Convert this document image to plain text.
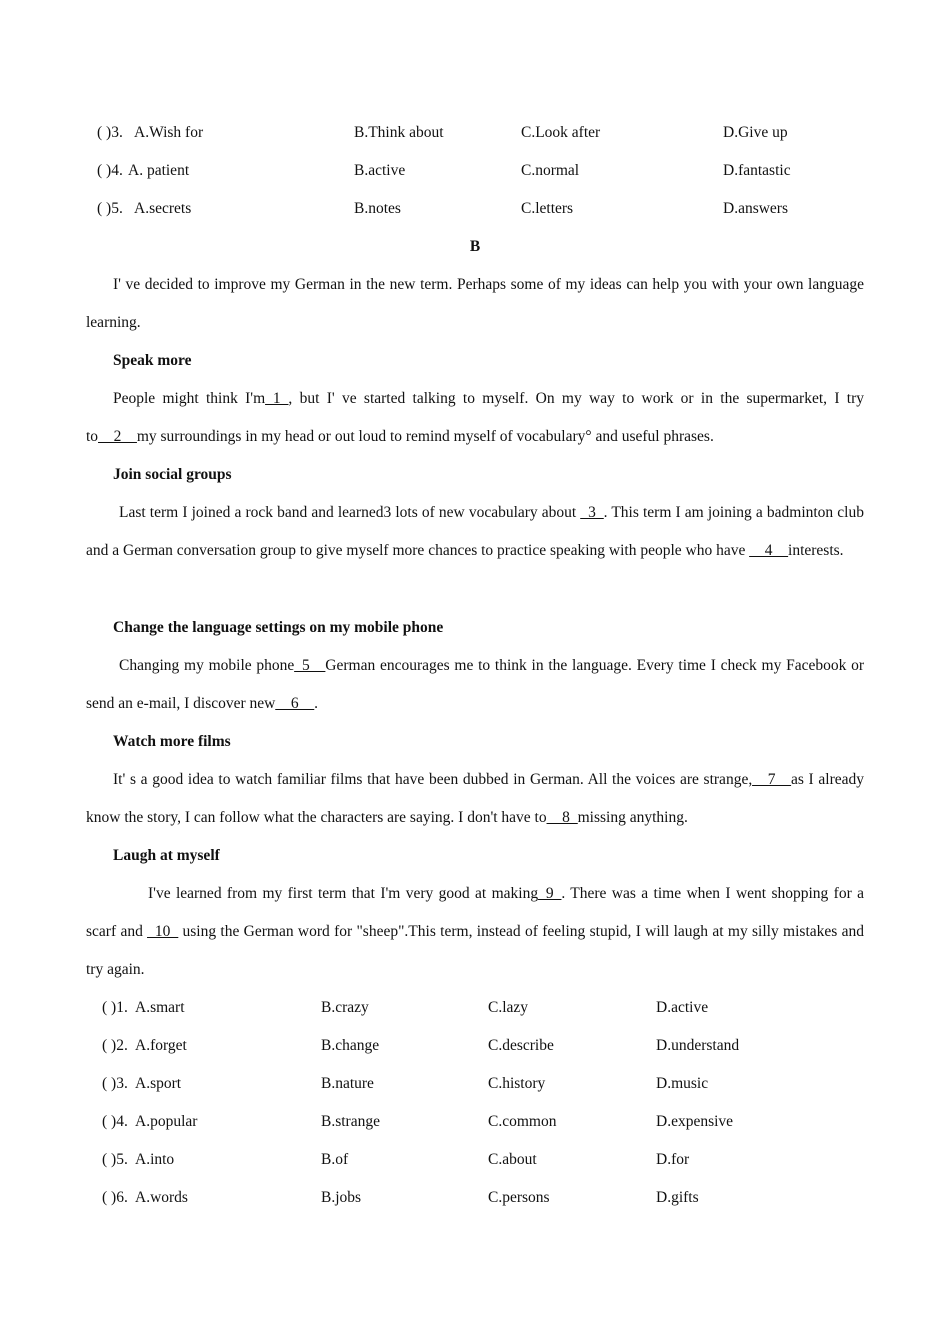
( )3. A.Wish for	B.Think about	C.Look after	D.Give up
( )4. A. patient	B.active	C.normal	D.fantastic
( )5. A.secrets	B.notes	C.letters	D.answers
B
I' ve decided to improve my German in the new term. Perhaps some of my ideas can help you with your own language learning.
Speak more
People might think I'm_1_, but I' ve started talking to myself. On my way to work or in the supermarket, I try to__2__my surroundings in my head or out loud to remind myself of vocabulary° and useful phrases.
Join social groups
Last term I joined a rock band and learned3 lots of new vocabulary about _3_. This term I am joining a badminton club and a German conversation group to give myself more chances to practice speaking with people who have __4__interests.
Change the language settings on my mobile phone
Changing my mobile phone_5__German encourages me to think in the language. Every time I check my Facebook or send an e-mail, I discover new__6__.
Watch more films
It' s a good idea to watch familiar films that have been dubbed in German. All the voices are strange,__7__as I already know the story, I can follow what the characters are saying. I don't have to__8_missing anything.
Laugh at myself
I've learned from my first term that I'm very good at making_9_. There was a time when I went shopping for a scarf and _10_ using the German word for "sheep".This term, instead of feeling stupid, I will laugh at my silly mistakes and try again.
( )1. A.smart	B.crazy	C.lazy	D.active
( )2. A.forget	B.change	C.describe	D.understand
( )3. A.sport	B.nature	C.history	D.music
( )4. A.popular	B.strange	C.common	D.expensive
( )5. A.into	B.of	C.about	D.for
( )6. A.words	B.jobs	C.persons	D.gifts
